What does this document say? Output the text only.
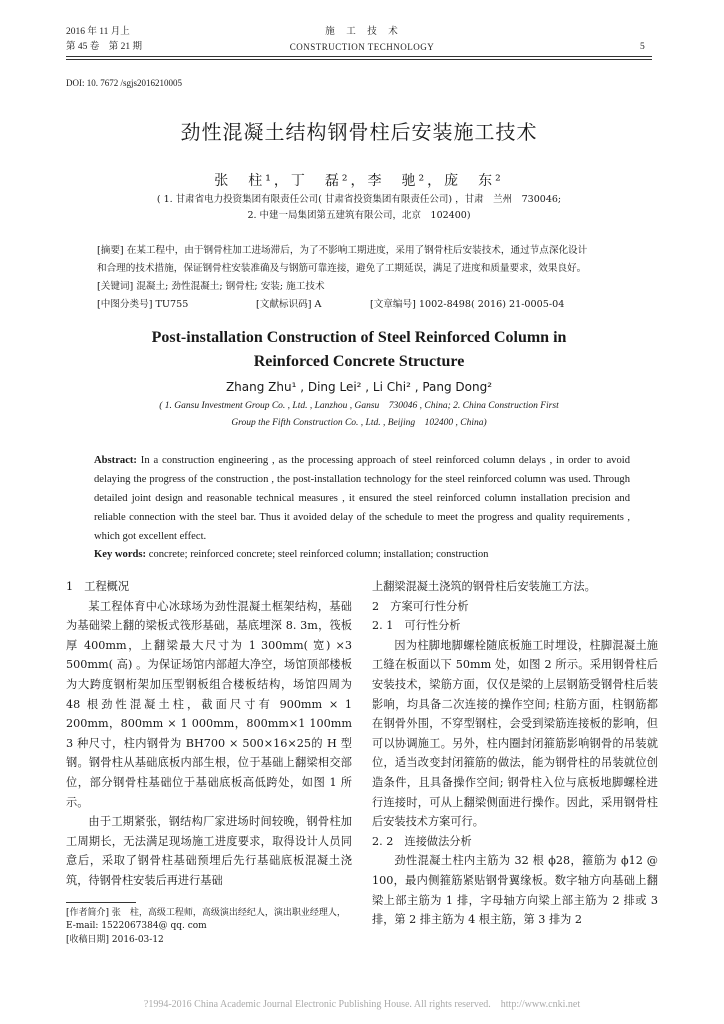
2016 年 11 月上
第 45 卷　第 21 期
施　工　技　术
CONSTRUCTION TECHNOLOGY	5
DOI: 10. 7672 /sgjs2016210005
劲性混凝土结构钢骨柱后安装施工技术
张　柱¹，丁　磊²，李　驰²，庞　东²
( 1. 甘肃省电力投资集团有限责任公司( 甘肃省投资集团有限责任公司) ，甘肃　兰州　730046;
2. 中建一局集团第五建筑有限公司，北京　102400)
[摘要] 在某工程中，由于钢骨柱加工进场滞后，为了不影响工期进度，采用了钢骨柱后安装技术，通过节点深化设计
和合理的技术措施，保证钢骨柱安装准确及与钢筋可靠连接，避免了工期延误，满足了进度和质量要求，效果良好。
[关键词] 混凝土; 劲性混凝土; 钢骨柱; 安装; 施工技术
[中图分类号] TU755	[文献标识码] A	[文章编号] 1002-8498( 2016) 21-0005-04
Post-installation Construction of Steel Reinforced Column in
Reinforced Concrete Structure
Zhang Zhu¹ , Ding Lei² , Li Chi² , Pang Dong²
( 1. Gansu Investment Group Co. , Ltd. , Lanzhou , Gansu　730046 , China; 2. China Construction First
Group the Fifth Construction Co. , Ltd. , Beijing　102400 , China)
Abstract: In a construction engineering , as the processing approach of steel reinforced column delays , in order to avoid delaying the progress of the construction , the post-installation technology for the steel reinforced column was used. Through detailed joint design and reasonable technical measures , it ensured the steel reinforced column installation precision and reliable connection with the steel bar. Thus it avoided delay of the schedule to meet the progress and quality requirements , which got excellent effect.
Key words: concrete; reinforced concrete; steel reinforced column; installation; construction

1　工程概况

某工程体育中心冰球场为劲性混凝土框架结构，基础为基础梁上翻的梁板式筏形基础，基底埋深 8. 3m，筏板厚 400mm，上翻梁最大尺寸为 1 300mm( 宽) ×3 500mm( 高) 。为保证场馆内部超大净空，场馆顶部楼板为大跨度钢桁架加压型钢板组合楼板结构，场馆四周为 48 根劲性混凝土柱，截面尺寸有 900mm × 1 200mm，800mm × 1 000mm，800mm×1 100mm 3 种尺寸，柱内钢骨为 BH700 × 500×16×25的 H 型钢。钢骨柱从基础底板内部生根，位于基础上翻梁相交部位，部分钢骨柱基础位于基础底板高低跨处，如图 1 所示。

由于工期紧张，钢结构厂家进场时间较晚，钢骨柱加工周期长，无法满足现场施工进度要求，取得设计人员同意后，采取了钢骨柱基础预埋后先行基础底板混凝土浇筑，待钢骨柱安装后再进行基础

[作者简介] 张　柱，高级工程师，高级演出经纪人，演出职业经理人，E-mail: 1522067384@ qq. com
[收稿日期] 2016-03-12

上翻梁混凝土浇筑的钢骨柱后安装施工方法。

2　方案可行性分析

2. 1　可行性分析

因为柱脚地脚螺栓随底板施工时埋设，柱脚混凝土施工缝在板面以下 50mm 处，如图 2 所示。采用钢骨柱后安装技术，梁筋方面，仅仅是梁的上层钢筋受钢骨柱后装影响，均具备二次连接的操作空间; 柱筋方面，柱钢筋都在钢骨外围，不穿型钢柱，会受到梁筋连接板的影响，但可以协调施工。另外，柱内圈封闭箍筋影响钢骨的吊装就位，适当改变封闭箍筋的做法，能为钢骨柱的吊装就位创造条件，且具备操作空间; 钢骨柱入位与底板地脚螺栓进行连接时，可从上翻梁侧面进行操作。因此，采用钢骨柱后安装技术方案可行。

2. 2　连接做法分析

劲性混凝土柱内主筋为 32 根 ϕ28，箍筋为 ϕ12 @ 100，最内侧箍筋紧贴钢骨翼缘板。数字轴方向基础上翻梁上部主筋为 1 排，字母轴方向梁上部主筋为 2 排或 3 排，第 2 排主筋为 4 根主筋，第 3 排为 2

?1994-2016 China Academic Journal Electronic Publishing House. All rights reserved.　http://www.cnki.net
